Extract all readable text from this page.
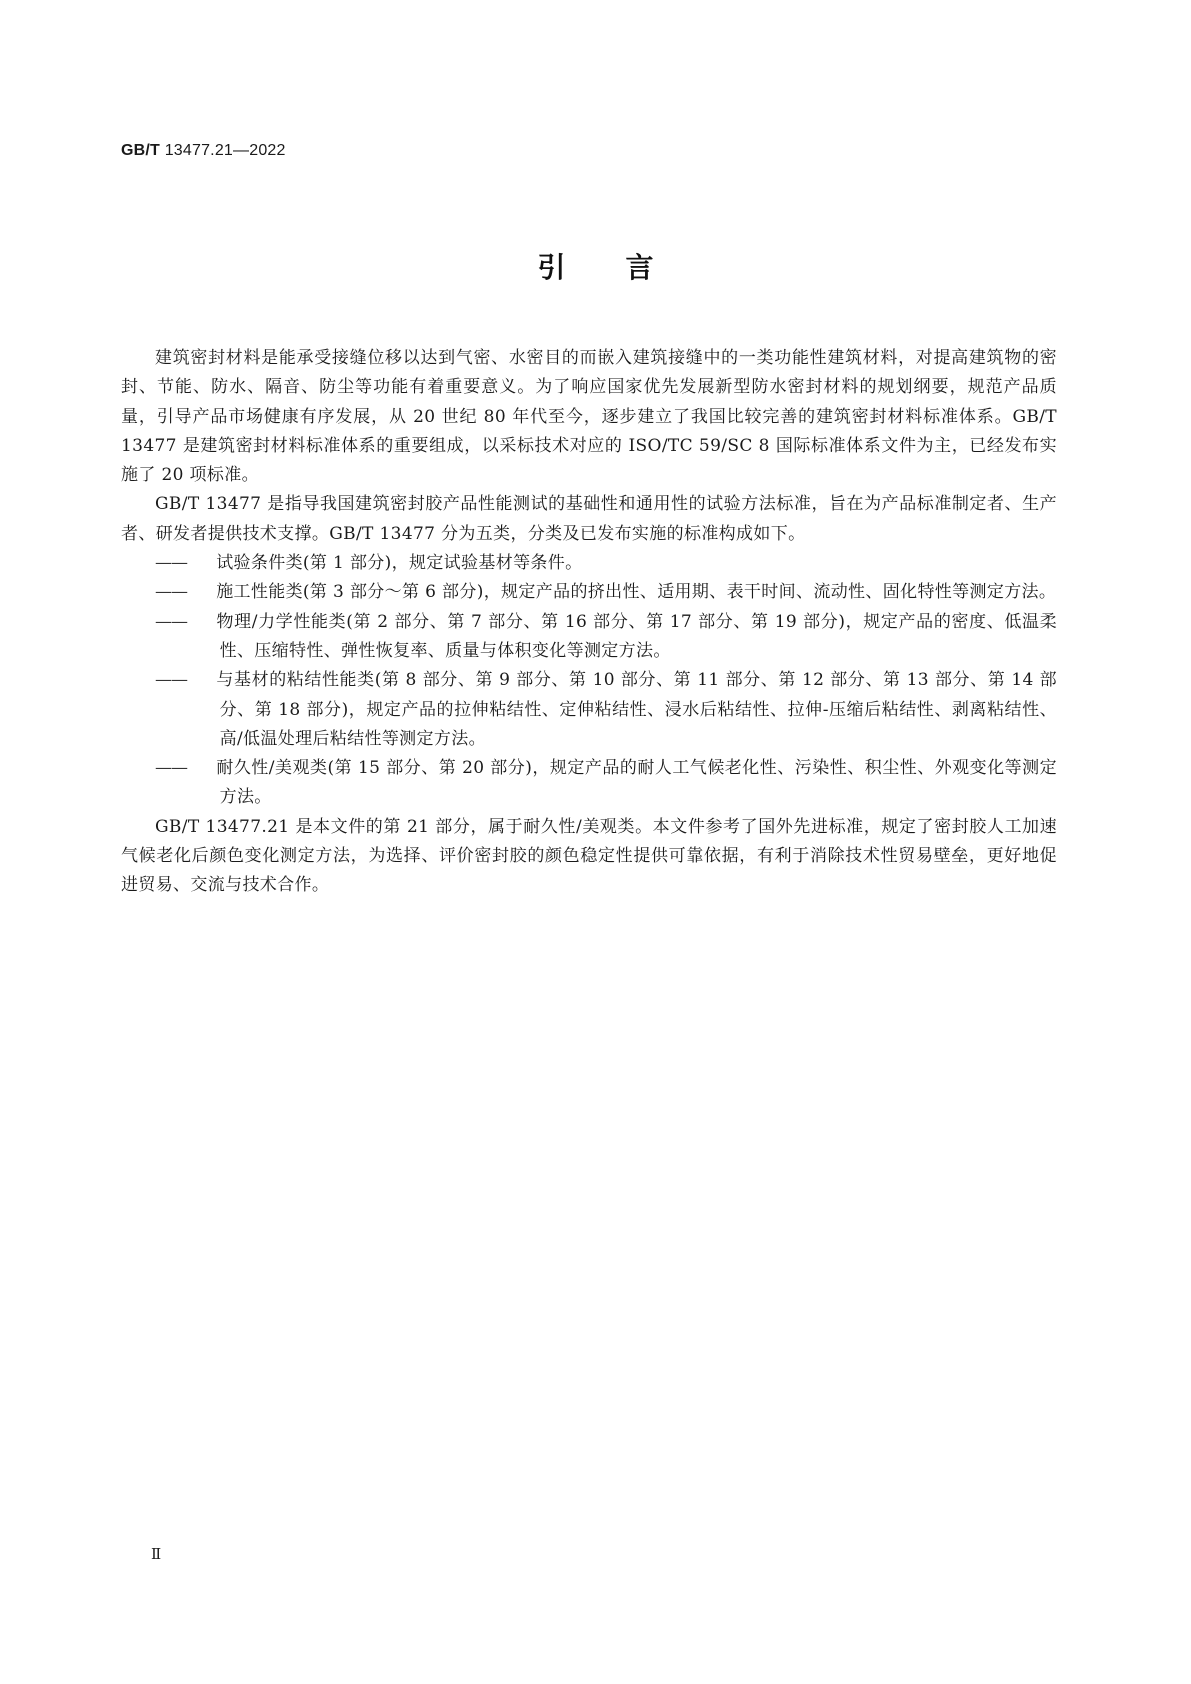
GB/T 13477.21—2022
引言

建筑密封材料是能承受接缝位移以达到气密、水密目的而嵌入建筑接缝中的一类功能性建筑材料，对提高建筑物的密封、节能、防水、隔音、防尘等功能有着重要意义。为了响应国家优先发展新型防水密封材料的规划纲要，规范产品质量，引导产品市场健康有序发展，从 20 世纪 80 年代至今，逐步建立了我国比较完善的建筑密封材料标准体系。GB/T 13477 是建筑密封材料标准体系的重要组成，以采标技术对应的 ISO/TC 59/SC 8 国际标准体系文件为主，已经发布实施了 20 项标准。

GB/T 13477 是指导我国建筑密封胶产品性能测试的基础性和通用性的试验方法标准，旨在为产品标准制定者、生产者、研发者提供技术支撑。GB/T 13477 分为五类，分类及已发布实施的标准构成如下。

—— 试验条件类(第 1 部分)，规定试验基材等条件。

—— 施工性能类(第 3 部分～第 6 部分)，规定产品的挤出性、适用期、表干时间、流动性、固化特性等测定方法。

—— 物理/力学性能类(第 2 部分、第 7 部分、第 16 部分、第 17 部分、第 19 部分)，规定产品的密度、低温柔性、压缩特性、弹性恢复率、质量与体积变化等测定方法。

—— 与基材的粘结性能类(第 8 部分、第 9 部分、第 10 部分、第 11 部分、第 12 部分、第 13 部分、第 14 部分、第 18 部分)，规定产品的拉伸粘结性、定伸粘结性、浸水后粘结性、拉伸-压缩后粘结性、剥离粘结性、高/低温处理后粘结性等测定方法。

—— 耐久性/美观类(第 15 部分、第 20 部分)，规定产品的耐人工气候老化性、污染性、积尘性、外观变化等测定方法。

GB/T 13477.21 是本文件的第 21 部分，属于耐久性/美观类。本文件参考了国外先进标准，规定了密封胶人工加速气候老化后颜色变化测定方法，为选择、评价密封胶的颜色稳定性提供可靠依据，有利于消除技术性贸易壁垒，更好地促进贸易、交流与技术合作。

Ⅱ
